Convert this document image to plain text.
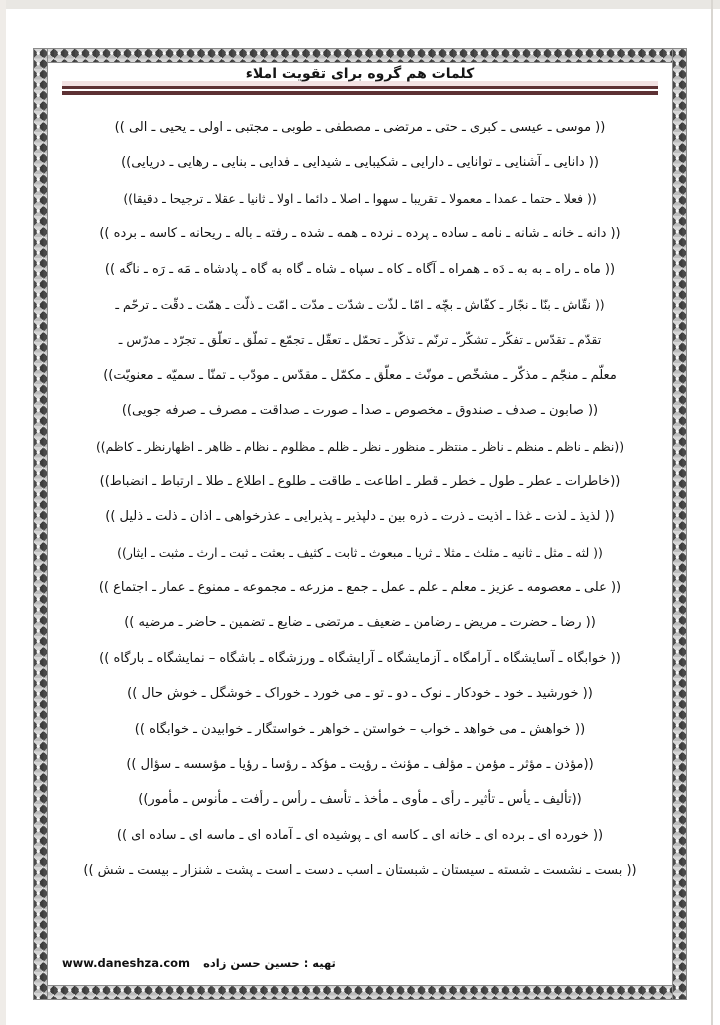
کلمات هم گروه برای تقویت املاء
(( موسی ـ عیسی ـ کبری ـ حتی ـ مرتضی ـ مصطفی ـ طوبی ـ مجتبی ـ اولی ـ یحیی ـ الی ))
(( دانایی ـ آشنایی ـ توانایی ـ دارایی ـ شکیبایی ـ شیدایی ـ فدایی ـ بنایی ـ رهایی ـ دریایی))
(( فعلا ـ حتما ـ عمدا ـ معمولا ـ تقریبا ـ سهوا ـ اصلا ـ دائما ـ اولا ـ ثانیا ـ عقلا ـ ترجیحا ـ دقیقا))
(( دانه ـ خانه ـ شانه ـ نامه ـ ساده ـ پرده ـ نرده ـ همه ـ شده ـ رفته ـ باله ـ ریحانه ـ کاسه ـ برده ))
(( ماه ـ راه ـ به به ـ دَه ـ همراه ـ آگاه ـ کاه ـ سپاه ـ شاه ـ گاه به گاه ـ پادشاه ـ مَه ـ رَه ـ ناگه ))
(( نقّاش ـ بنّا ـ نجّار ـ کفّاش ـ بچّه ـ امّا ـ لذّت ـ شدّت ـ مدّت ـ امّت ـ ذلّت ـ همّت ـ دقّت ـ ترحّم ـ
تقدّم ـ تقدّس ـ تفکّر ـ تشکّر ـ ترنّم ـ تذکّر ـ تحمّل ـ تعقّل ـ تجمّع ـ تملّق ـ تعلّق ـ تجرّد ـ مدرّس ـ
معلّم ـ منجّم ـ مذکّر ـ مشخّص ـ مونّث ـ معلّق ـ مکمّل ـ مقدّس ـ مودّب ـ تمنّا ـ سمیّه ـ معنویّت))
(( صابون ـ صدف ـ صندوق ـ مخصوص ـ صدا ـ صورت ـ صداقت ـ مصرف ـ صرفه جویی))
((نظم ـ ناظم ـ منظم ـ ناظر ـ منتظر ـ منظور ـ نظر ـ ظلم ـ مظلوم ـ نظام ـ ظاهر ـ اظهارنظر ـ کاظم))
((خاطرات ـ عطر ـ طول ـ خطر ـ قطر ـ اطاعت ـ طاقت ـ طلوع ـ اطلاع ـ طلا ـ ارتباط ـ انضباط))
(( لذیذ ـ لذت ـ غذا ـ اذیت ـ ذرت ـ ذره بین ـ دلپذیر ـ پذیرایی ـ عذرخواهی ـ اذان ـ ذلت ـ ذلیل ))
(( لثه ـ مثل ـ ثانیه ـ مثلث ـ مثلا ـ ثریا ـ مبعوث ـ ثابت ـ کثیف ـ بعثت ـ ثبت ـ ارث ـ مثبت ـ ایثار))
(( علی ـ معصومه ـ عزیز ـ معلم ـ علم ـ عمل ـ جمع ـ مزرعه ـ مجموعه ـ ممنوع ـ عمار ـ اجتماع ))
(( رضا ـ حضرت ـ مریض ـ رضامن ـ ضعیف ـ مرتضی ـ ضایع ـ تضمین ـ حاضر ـ مرضیه ))
(( خوابگاه ـ آسایشگاه ـ آرامگاه ـ آزمایشگاه ـ آرایشگاه ـ ورزشگاه ـ باشگاه – نمایشگاه ـ بارگاه ))
(( خورشید ـ خود ـ خودکار ـ نوک ـ دو ـ تو ـ می خورد ـ خوراک ـ خوشگل ـ خوش حال ))
(( خواهش ـ می خواهد ـ خواب – خواستن ـ خواهر ـ خواستگار ـ خوابیدن ـ خوابگاه ))
((مؤذن ـ مؤثر ـ مؤمن ـ مؤلف ـ مؤنث ـ رؤیت ـ مؤکد ـ رؤسا ـ رؤیا ـ مؤسسه ـ سؤال ))
((تألیف ـ یأس ـ تأثیر ـ رأی ـ مأوی ـ مأخذ ـ تأسف ـ رأس ـ رأفت ـ مأنوس ـ مأمور))
(( خورده ای ـ برده ای ـ خانه ای ـ کاسه ای ـ پوشیده ای ـ آماده ای ـ ماسه ای ـ ساده ای ))
(( بست ـ نشست ـ شسته ـ سیستان ـ شبستان ـ اسب ـ دست ـ است ـ پشت ـ شنزار ـ بیست ـ شش ))
تهیه : حسین حسن زاده www.daneshza.com
